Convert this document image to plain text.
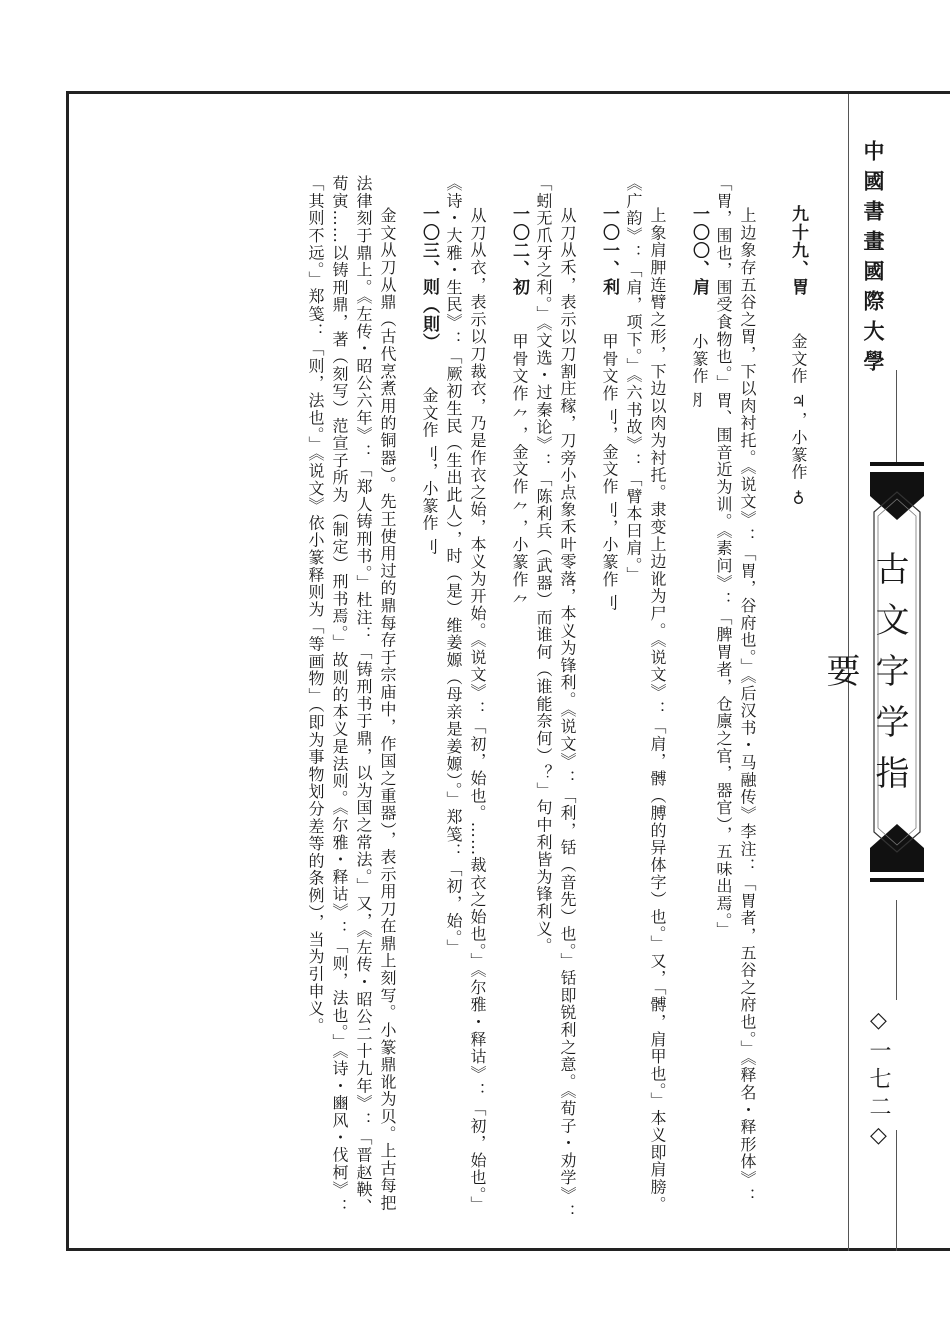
中國書畫國際大學
古文字学指要
◇一七二◇

九十九、胃金文作 ♃，小篆作 ♁

上边象存五谷之胃，下以肉衬托。《说文》：「胃，谷府也。」《后汉书・马融传》李注：「胃者，五谷之府也。」《释名・释形体》：「胃，围也，围受食物也。」胃、围音近为训。《素问》：「脾胃者，仓廪之官，器官），五味出焉。」

一〇〇、肩小篆作 ⺼

上象肩胛连臂之形，下边以肉为衬托。隶变上边讹为尸。《说文》：「肩，髆（膊的异体字）也。」又，「髆，肩甲也。」本义即肩膀。《广韵》：「肩，项下。」《六书故》：「臂本曰肩。」

一〇一、利甲骨文作 ⺉，金文作 ⺉，小篆作 ⺉

从刀从禾，表示以刀割庄稼，刀旁小点象禾叶零落，本义为锋利。《说文》：「利，铦（音先）也。」铦即锐利之意。《荀子・劝学》：「蚓无爪牙之利。」《文选・过秦论》：「陈利兵（武器）而谁何（谁能奈何）？」句中利皆为锋利义。

一〇二、初甲骨文作 ⺈，金文作 ⺈，小篆作 ⺈

从刀从衣，表示以刀裁衣，乃是作衣之始，本义为开始。《说文》：「初，始也。……裁衣之始也。」《尔雅・释诂》：「初，始也。」《诗・大雅・生民》：「厥初生民（生出此人），时（是）维姜嫄（母亲是姜嫄）。」郑笺：「初，始。」

一〇三、则（則）金文作 ⺉，小篆作 ⺉

金文从刀从鼎（古代烹煮用的铜器）。先王使用过的鼎每存于宗庙中，作国之重器），表示用刀在鼎上刻写。小篆鼎讹为贝。上古每把法律刻于鼎上。《左传・昭公六年》：「郑人铸刑书。」杜注：「铸刑书于鼎，以为国之常法。」又，《左传・昭公二十九年》：「晋赵鞅、荀寅……以铸刑鼎，著（刻写）范宣子所为（制定）刑书焉。」故则的本义是法则。《尔雅・释诂》：「则，法也。」《诗・豳风・伐柯》：「其则不远。」郑笺：「则，法也。」《说文》依小篆释则为「等画物」（即为事物划分差等的条例），当为引申义。
